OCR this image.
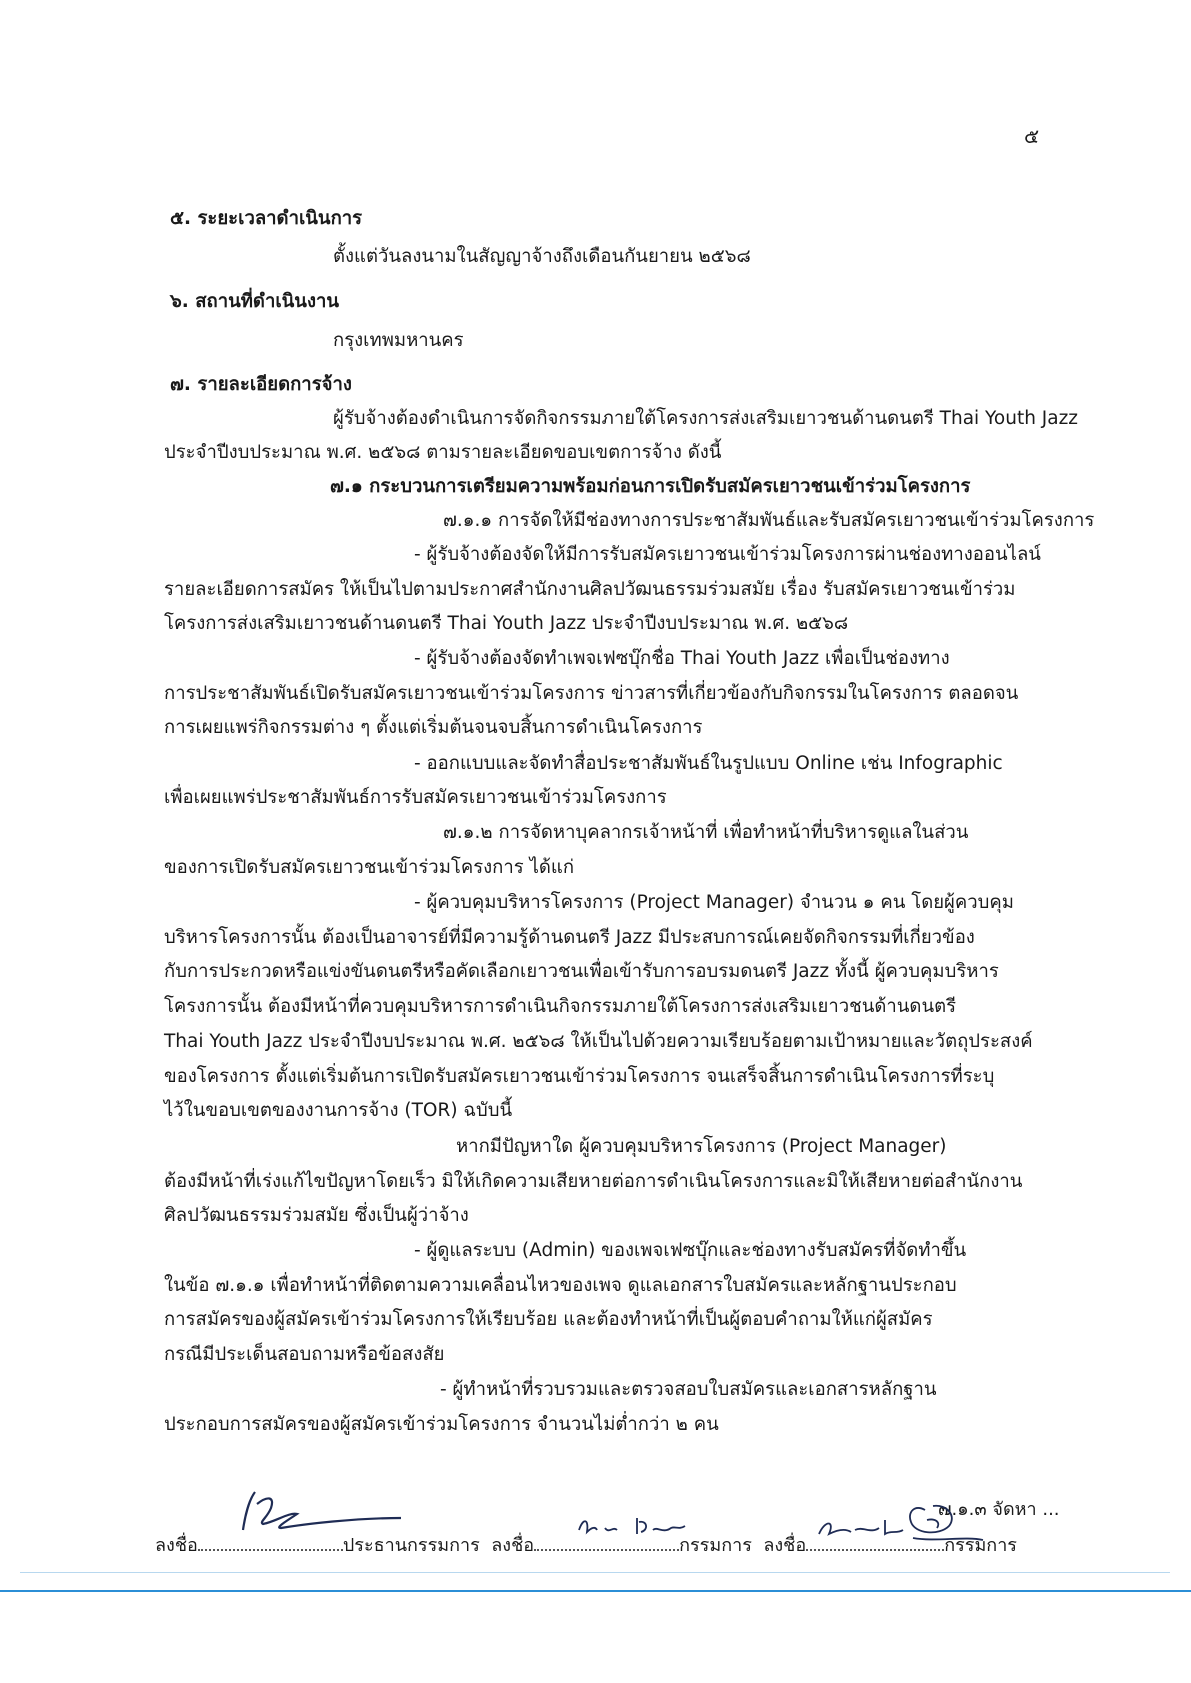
๕
๕. ระยะเวลาดำเนินการ
ตั้งแต่วันลงนามในสัญญาจ้างถึงเดือนกันยายน ๒๕๖๘
๖. สถานที่ดำเนินงาน
กรุงเทพมหานคร
๗. รายละเอียดการจ้าง
ผู้รับจ้างต้องดำเนินการจัดกิจกรรมภายใต้โครงการส่งเสริมเยาวชนด้านดนตรี Thai Youth Jazz
ประจำปีงบประมาณ พ.ศ. ๒๕๖๘ ตามรายละเอียดขอบเขตการจ้าง ดังนี้
๗.๑ กระบวนการเตรียมความพร้อมก่อนการเปิดรับสมัครเยาวชนเข้าร่วมโครงการ
๗.๑.๑ การจัดให้มีช่องทางการประชาสัมพันธ์และรับสมัครเยาวชนเข้าร่วมโครงการ
- ผู้รับจ้างต้องจัดให้มีการรับสมัครเยาวชนเข้าร่วมโครงการผ่านช่องทางออนไลน์
รายละเอียดการสมัคร ให้เป็นไปตามประกาศสำนักงานศิลปวัฒนธรรมร่วมสมัย เรื่อง รับสมัครเยาวชนเข้าร่วม
โครงการส่งเสริมเยาวชนด้านดนตรี Thai Youth Jazz ประจำปีงบประมาณ พ.ศ. ๒๕๖๘
- ผู้รับจ้างต้องจัดทำเพจเฟซบุ๊กชื่อ Thai Youth Jazz เพื่อเป็นช่องทาง
การประชาสัมพันธ์เปิดรับสมัครเยาวชนเข้าร่วมโครงการ ข่าวสารที่เกี่ยวข้องกับกิจกรรมในโครงการ ตลอดจน
การเผยแพร่กิจกรรมต่าง ๆ ตั้งแต่เริ่มต้นจนจบสิ้นการดำเนินโครงการ
- ออกแบบและจัดทำสื่อประชาสัมพันธ์ในรูปแบบ Online เช่น Infographic
เพื่อเผยแพร่ประชาสัมพันธ์การรับสมัครเยาวชนเข้าร่วมโครงการ
๗.๑.๒ การจัดหาบุคลากรเจ้าหน้าที่ เพื่อทำหน้าที่บริหารดูแลในส่วน
ของการเปิดรับสมัครเยาวชนเข้าร่วมโครงการ ได้แก่
- ผู้ควบคุมบริหารโครงการ (Project Manager) จำนวน ๑ คน โดยผู้ควบคุม
บริหารโครงการนั้น ต้องเป็นอาจารย์ที่มีความรู้ด้านดนตรี Jazz มีประสบการณ์เคยจัดกิจกรรมที่เกี่ยวข้อง
กับการประกวดหรือแข่งขันดนตรีหรือคัดเลือกเยาวชนเพื่อเข้ารับการอบรมดนตรี Jazz ทั้งนี้ ผู้ควบคุมบริหาร
โครงการนั้น ต้องมีหน้าที่ควบคุมบริหารการดำเนินกิจกรรมภายใต้โครงการส่งเสริมเยาวชนด้านดนตรี
Thai Youth Jazz ประจำปีงบประมาณ พ.ศ. ๒๕๖๘ ให้เป็นไปด้วยความเรียบร้อยตามเป้าหมายและวัตถุประสงค์
ของโครงการ ตั้งแต่เริ่มต้นการเปิดรับสมัครเยาวชนเข้าร่วมโครงการ จนเสร็จสิ้นการดำเนินโครงการที่ระบุ
ไว้ในขอบเขตของงานการจ้าง (TOR) ฉบับนี้
หากมีปัญหาใด ผู้ควบคุมบริหารโครงการ (Project Manager)
ต้องมีหน้าที่เร่งแก้ไขปัญหาโดยเร็ว มิให้เกิดความเสียหายต่อการดำเนินโครงการและมิให้เสียหายต่อสำนักงาน
ศิลปวัฒนธรรมร่วมสมัย ซึ่งเป็นผู้ว่าจ้าง
- ผู้ดูแลระบบ (Admin) ของเพจเฟซบุ๊กและช่องทางรับสมัครที่จัดทำขึ้น
ในข้อ ๗.๑.๑ เพื่อทำหน้าที่ติดตามความเคลื่อนไหวของเพจ ดูแลเอกสารใบสมัครและหลักฐานประกอบ
การสมัครของผู้สมัครเข้าร่วมโครงการให้เรียบร้อย และต้องทำหน้าที่เป็นผู้ตอบคำถามให้แก่ผู้สมัคร
กรณีมีประเด็นสอบถามหรือข้อสงสัย
- ผู้ทำหน้าที่รวบรวมและตรวจสอบใบสมัครและเอกสารหลักฐาน
ประกอบการสมัครของผู้สมัครเข้าร่วมโครงการ จำนวนไม่ต่ำกว่า ๒ คน
๗.๑.๓ จัดหา ...
ลงชื่อ	ประธานกรรมการ ลงชื่อ	กรรมการ ลงชื่อ	กรรมการ
